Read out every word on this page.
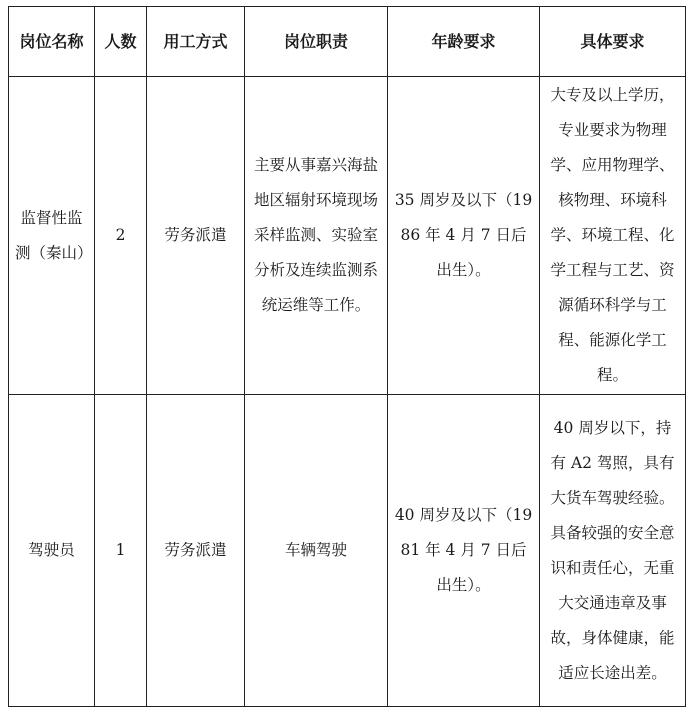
岗位名称	人数	用工方式	岗位职责	年龄要求	具体要求
监督性监测（秦山）	2	劳务派遣	主要从事嘉兴海盐地区辐射环境现场采样监测、实验室分析及连续监测系统运维等工作。	35 周岁及以下（1986 年 4 月 7 日后出生）。	大专及以上学历，专业要求为物理学、应用物理学、核物理、环境科学、环境工程、化学工程与工艺、资源循环科学与工程、能源化学工程。
驾驶员	1	劳务派遣	车辆驾驶	40 周岁及以下（1981 年 4 月 7 日后出生）。	40 周岁以下，持有 A2 驾照，具有大货车驾驶经验。具备较强的安全意识和责任心，无重大交通违章及事故，身体健康，能适应长途出差。
